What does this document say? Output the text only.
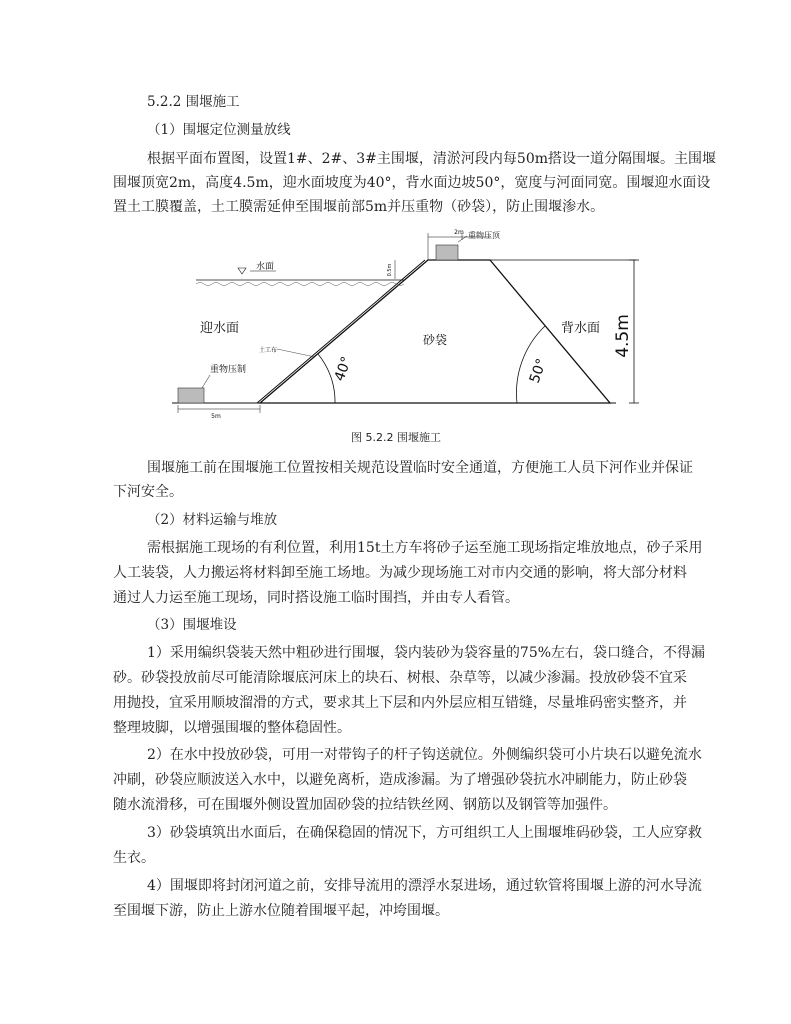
5.2.2 围堰施工
（1）围堰定位测量放线
根据平面布置图，设置1#、2#、3#主围堰，清淤河段内每50m搭设一道分隔围堰。主围堰
围堰顶宽2m，高度4.5m，迎水面坡度为40°，背水面边坡50°，宽度与河面同宽。围堰迎水面设
置土工膜覆盖，土工膜需延伸至围堰前部5m并压重物（砂袋），防止围堰渗水。
4.5m
2m 重物压顶
0.5m
水面
迎水面
砂袋
背水面
土工布
40°	50°
重物压制
5m
图 5.2.2 围堰施工
围堰施工前在围堰施工位置按相关规范设置临时安全通道，方便施工人员下河作业并保证
下河安全。
（2）材料运输与堆放
需根据施工现场的有利位置，利用15t土方车将砂子运至施工现场指定堆放地点，砂子采用
人工装袋，人力搬运将材料卸至施工场地。为减少现场施工对市内交通的影响，将大部分材料
通过人力运至施工现场，同时搭设施工临时围挡，并由专人看管。
（3）围堰堆设
1）采用编织袋装天然中粗砂进行围堰，袋内装砂为袋容量的75%左右，袋口缝合，不得漏
砂。砂袋投放前尽可能清除堰底河床上的块石、树根、杂草等，以减少渗漏。投放砂袋不宜采
用抛投，宜采用顺坡溜滑的方式，要求其上下层和内外层应相互错缝，尽量堆码密实整齐，并
整理坡脚，以增强围堰的整体稳固性。
2）在水中投放砂袋，可用一对带钩子的杆子钩送就位。外侧编织袋可小片块石以避免流水
冲刷，砂袋应顺波送入水中，以避免离析，造成渗漏。为了增强砂袋抗水冲刷能力，防止砂袋
随水流滑移，可在围堰外侧设置加固砂袋的拉结铁丝网、钢筋以及钢管等加强件。
3）砂袋填筑出水面后，在确保稳固的情况下，方可组织工人上围堰堆码砂袋，工人应穿救
生衣。
4）围堰即将封闭河道之前，安排导流用的漂浮水泵进场，通过软管将围堰上游的河水导流
至围堰下游，防止上游水位随着围堰平起，冲垮围堰。
